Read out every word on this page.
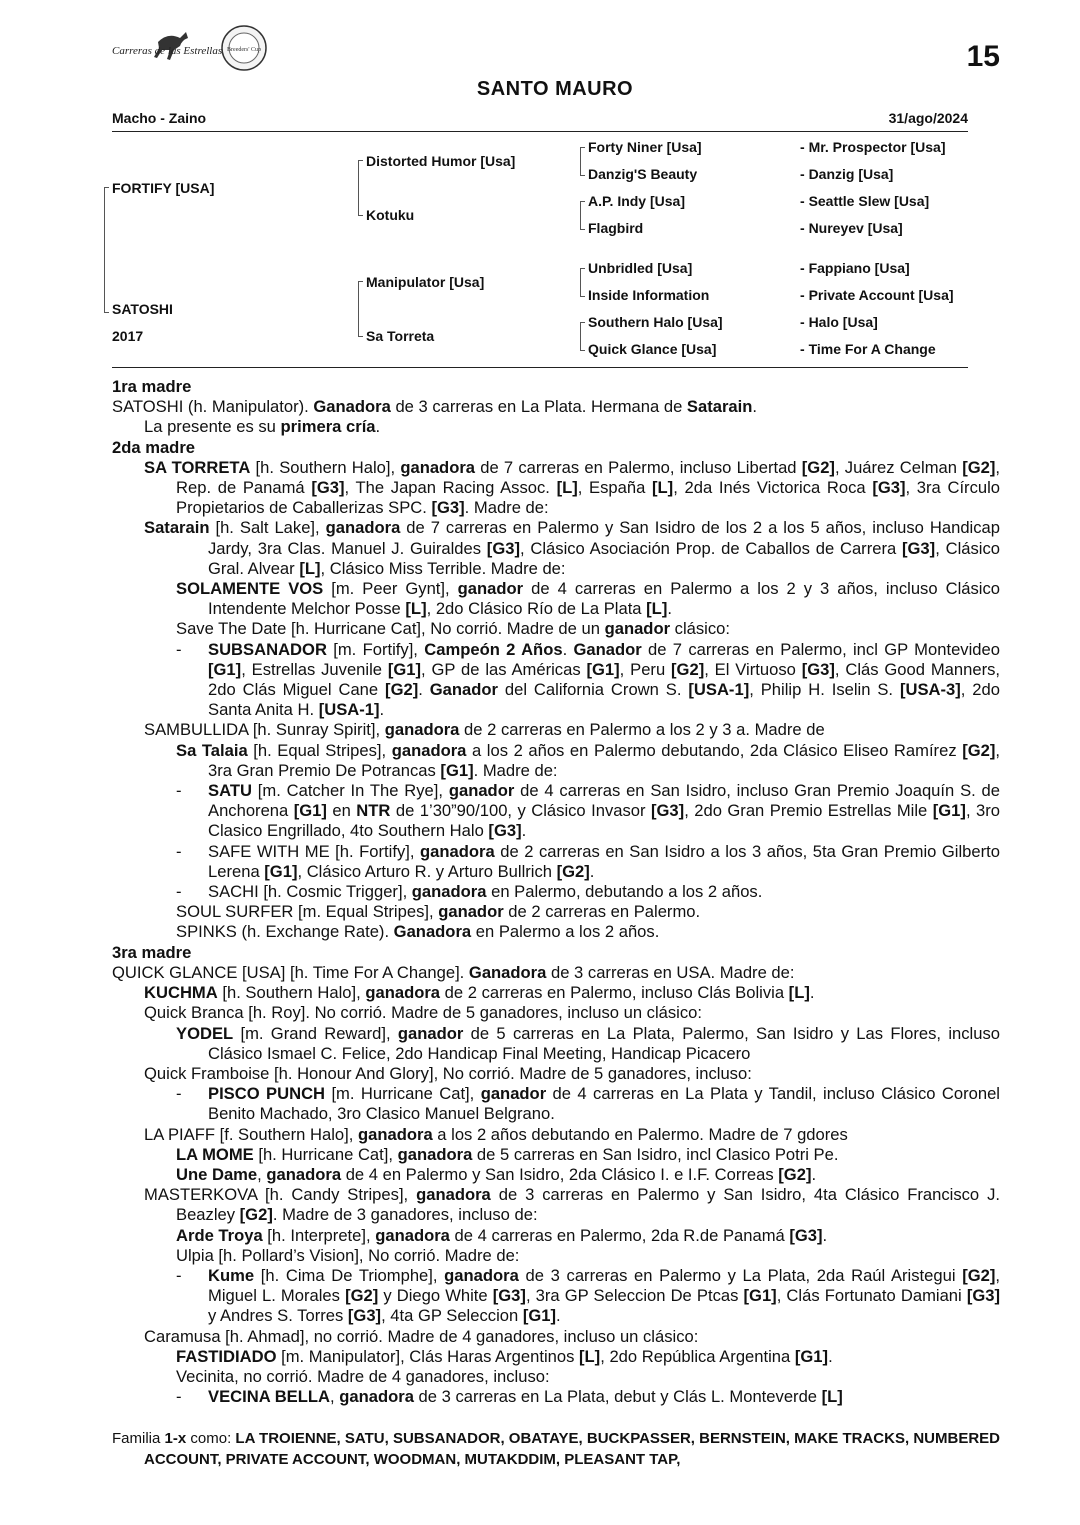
Carreras de las Estrellas Breeders' Cup	15
SANTO MAURO
Macho - Zaino	31/ago/2024
FORTIFY [USA]
SATOSHI
2017
Distorted Humor [Usa]
Kotuku
Manipulator [Usa]
Sa Torreta
Forty Niner [Usa]
Danzig'S Beauty
A.P. Indy [Usa]
Flagbird
Unbridled [Usa]
Inside Information
Southern Halo [Usa]
Quick Glance [Usa]
- Mr. Prospector [Usa]
- Danzig [Usa]
- Seattle Slew [Usa]
- Nureyev [Usa]
- Fappiano [Usa]
- Private Account [Usa]
- Halo [Usa]
- Time For A Change

1ra madre

SATOSHI (h. Manipulator). Ganadora de 3 carreras en La Plata. Hermana de Satarain.

La presente es su primera cría.

2da madre

SA TORRETA [h. Southern Halo], ganadora de 7 carreras en Palermo, incluso Libertad [G2], Juárez Celman [G2], Rep. de Panamá [G3], The Japan Racing Assoc. [L], España [L], 2da Inés Victorica Roca [G3], 3ra Círculo Propietarios de Caballerizas SPC. [G3]. Madre de:

Satarain [h. Salt Lake], ganadora de 7 carreras en Palermo y San Isidro de los 2 a los 5 años, incluso Handicap Jardy, 3ra Clas. Manuel J. Guiraldes [G3], Clásico Asociación Prop. de Caballos de Carrera [G3], Clásico Gral. Alvear [L], Clásico Miss Terrible. Madre de:

SOLAMENTE VOS [m. Peer Gynt], ganador de 4 carreras en Palermo a los 2 y 3 años, incluso Clásico Intendente Melchor Posse [L], 2do Clásico Río de La Plata [L].

Save The Date [h. Hurricane Cat], No corrió. Madre de un ganador clásico:

- SUBSANADOR [m. Fortify], Campeón 2 Años. Ganador de 7 carreras en Palermo, incl GP Montevideo [G1], Estrellas Juvenile [G1], GP de las Américas [G1], Peru [G2], El Virtuoso [G3], Clás Good Manners, 2do Clás Miguel Cane [G2]. Ganador del California Crown S. [USA-1], Philip H. Iselin S. [USA-3], 2do Santa Anita H. [USA-1].

SAMBULLIDA [h. Sunray Spirit], ganadora de 2 carreras en Palermo a los 2 y 3 a. Madre de

Sa Talaia [h. Equal Stripes], ganadora a los 2 años en Palermo debutando, 2da Clásico Eliseo Ramírez [G2], 3ra Gran Premio De Potrancas [G1]. Madre de:

- SATU [m. Catcher In The Rye], ganador de 4 carreras en San Isidro, incluso Gran Premio Joaquín S. de Anchorena [G1] en NTR de 1’30”90/100, y Clásico Invasor [G3], 2do Gran Premio Estrellas Mile [G1], 3ro Clasico Engrillado, 4to Southern Halo [G3].

- SAFE WITH ME [h. Fortify], ganadora de 2 carreras en San Isidro a los 3 años, 5ta Gran Premio Gilberto Lerena [G1], Clásico Arturo R. y Arturo Bullrich [G2].

- SACHI [h. Cosmic Trigger], ganadora en Palermo, debutando a los 2 años.

SOUL SURFER [m. Equal Stripes], ganador de 2 carreras en Palermo.

SPINKS (h. Exchange Rate). Ganadora en Palermo a los 2 años.

3ra madre

QUICK GLANCE [USA] [h. Time For A Change]. Ganadora de 3 carreras en USA. Madre de:

KUCHMA [h. Southern Halo], ganadora de 2 carreras en Palermo, incluso Clás Bolivia [L].

Quick Branca [h. Roy]. No corrió. Madre de 5 ganadores, incluso un clásico:

YODEL [m. Grand Reward], ganador de 5 carreras en La Plata, Palermo, San Isidro y Las Flores, incluso Clásico Ismael C. Felice, 2do Handicap Final Meeting, Handicap Picacero

Quick Framboise [h. Honour And Glory], No corrió. Madre de 5 ganadores, incluso:

- PISCO PUNCH [m. Hurricane Cat], ganador de 4 carreras en La Plata y Tandil, incluso Clásico Coronel Benito Machado, 3ro Clasico Manuel Belgrano.

LA PIAFF [f. Southern Halo], ganadora a los 2 años debutando en Palermo. Madre de 7 gdores

LA MOME [h. Hurricane Cat], ganadora de 5 carreras en San Isidro, incl Clasico Potri Pe.

Une Dame, ganadora de 4 en Palermo y San Isidro, 2da Clásico I. e I.F. Correas [G2].

MASTERKOVA [h. Candy Stripes], ganadora de 3 carreras en Palermo y San Isidro, 4ta Clásico Francisco J. Beazley [G2]. Madre de 3 ganadores, incluso de:

Arde Troya [h. Interprete], ganadora de 4 carreras en Palermo, 2da R.de Panamá [G3].

Ulpia [h. Pollard’s Vision], No corrió. Madre de:

- Kume [h. Cima De Triomphe], ganadora de 3 carreras en Palermo y La Plata, 2da Raúl Aristegui [G2], Miguel L. Morales [G2] y Diego White [G3], 3ra GP Seleccion De Ptcas [G1], Clás Fortunato Damiani [G3] y Andres S. Torres [G3], 4ta GP Seleccion [G1].

Caramusa [h. Ahmad], no corrió. Madre de 4 ganadores, incluso un clásico:

FASTIDIADO [m. Manipulator], Clás Haras Argentinos [L], 2do República Argentina [G1].

Vecinita, no corrió. Madre de 4 ganadores, incluso:

- VECINA BELLA, ganadora de 3 carreras en La Plata, debut y Clás L. Monteverde [L]

Familia 1-x como: LA TROIENNE, SATU, SUBSANADOR, OBATAYE, BUCKPASSER, BERNSTEIN, MAKE TRACKS, NUMBERED ACCOUNT, PRIVATE ACCOUNT, WOODMAN, MUTAKDDIM, PLEASANT TAP,
